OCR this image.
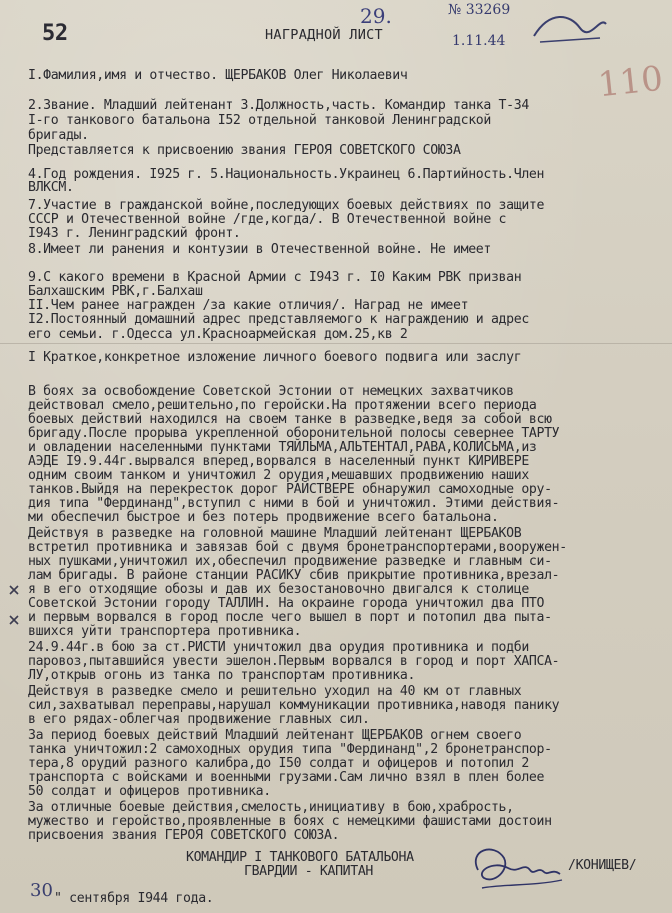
52	НАГРАДНОЙ ЛИСТ
29.	№ 33269
1.11.44
110
I.Фамилия,имя и отчество. ЩЕРБАКОВ Олег Николаевич
2.Звание. Младший лейтенант 3.Должность,часть. Командир танка Т-34
I-го танкового батальона I52 отдельной танковой Ленинградской
бригады.
Представляется к присвоению звания ГЕРОЯ СОВЕТСКОГО СОЮЗА
4.Год рождения. I925 г. 5.Национальность.Украинец 6.Партийность.Член
ВЛКСМ.
7.Участие в гражданской войне,последующих боевых действиях по защите
СССР и Отечественной войне /где,когда/. В Отечественной войне с
I943 г. Ленинградский фронт.
8.Имеет ли ранения и контузии в Отечественной войне. Не имеет
9.С какого времени в Красной Армии с I943 г. I0 Каким РВК призван
Балхашским РВК,г.Балхаш
II.Чем ранее награжден /за какие отличия/. Наград не имеет
I2.Постоянный домашний адрес представляемого к награждению и адрес
его семьи. г.Одесса ул.Красноармейская дом.25,кв 2
I Краткое,конкретное изложение личного боевого подвига или заслуг
В боях за освобождение Советской Эстонии от немецких захватчиков
действовал смело,решительно,по геройски.На протяжении всего периода
боевых действий находился на своем танке в разведке,ведя за собой всю
бригаду.После прорыва укрепленной оборонительной полосы севернее ТАРТУ
и овладении населенными пунктами ТЯЙЛЬМА,АЛЬТЕНТАЛ,РАВА,КОЛИСЬМА,из
АЭДЕ I9.9.44г.вырвался вперед,ворвался в населенный пункт КИРИВЕРЕ
одним своим танком и уничтожил 2 орудия,мешавших продвижению наших
танков.Выйдя на перекресток дорог РАЙСТВЕРЕ обнаружил самоходные ору-
дия типа "Фердинанд",вступил с ними в бой и уничтожил. Этими действия-
ми обеспечил быстрое и без потерь продвижение всего батальона.
Действуя в разведке на головной машине Младший лейтенант ЩЕРБАКОВ
встретил противника и завязав бой с двумя бронетранспортерами,вооружен-
ных пушками,уничтожил их,обеспечил продвижение разведке и главным си-
лам бригады. В районе станции РАСИКУ сбив прикрытие противника,врезал-
я в его отходящие обозы и дав их безостановочно двигался к столице
Советской Эстонии городу ТАЛЛИН. На окраине города уничтожил два ПТО
и первым ворвался в город после чего вышел в порт и потопил два пыта-
вшихся уйти транспортера противника.
24.9.44г.в бою за ст.РИСТИ уничтожил два орудия противника и подби
паровоз,пытавшийся увести эшелон.Первым ворвался в город и порт ХАПСА-
ЛУ,открыв огонь из танка по транспортам противника.
Действуя в разведке смело и решительно уходил на 40 км от главных
сил,захватывал переправы,нарушал коммуникации противника,наводя панику
в его рядах-облегчая продвижение главных сил.
За период боевых действий Младший лейтенант ЩЕРБАКОВ огнем своего
танка уничтожил:2 самоходных орудия типа "Фердинанд",2 бронетранспор-
тера,8 орудий разного калибра,до I50 солдат и офицеров и потопил 2
транспорта с войсками и военными грузами.Сам лично взял в плен более
50 солдат и офицеров противника.
За отличные боевые действия,смелость,инициативу в бою,храбрость,
мужество и геройство,проявленные в боях с немецкими фашистами достоин
присвоения звания ГЕРОЯ СОВЕТСКОГО СОЮЗА.
КОМАНДИР I ТАНКОВОГО БАТАЛЬОНА
ГВАРДИИ - КАПИТАН	/КОНИЩЕВ/
30 " сентября I944 года.
